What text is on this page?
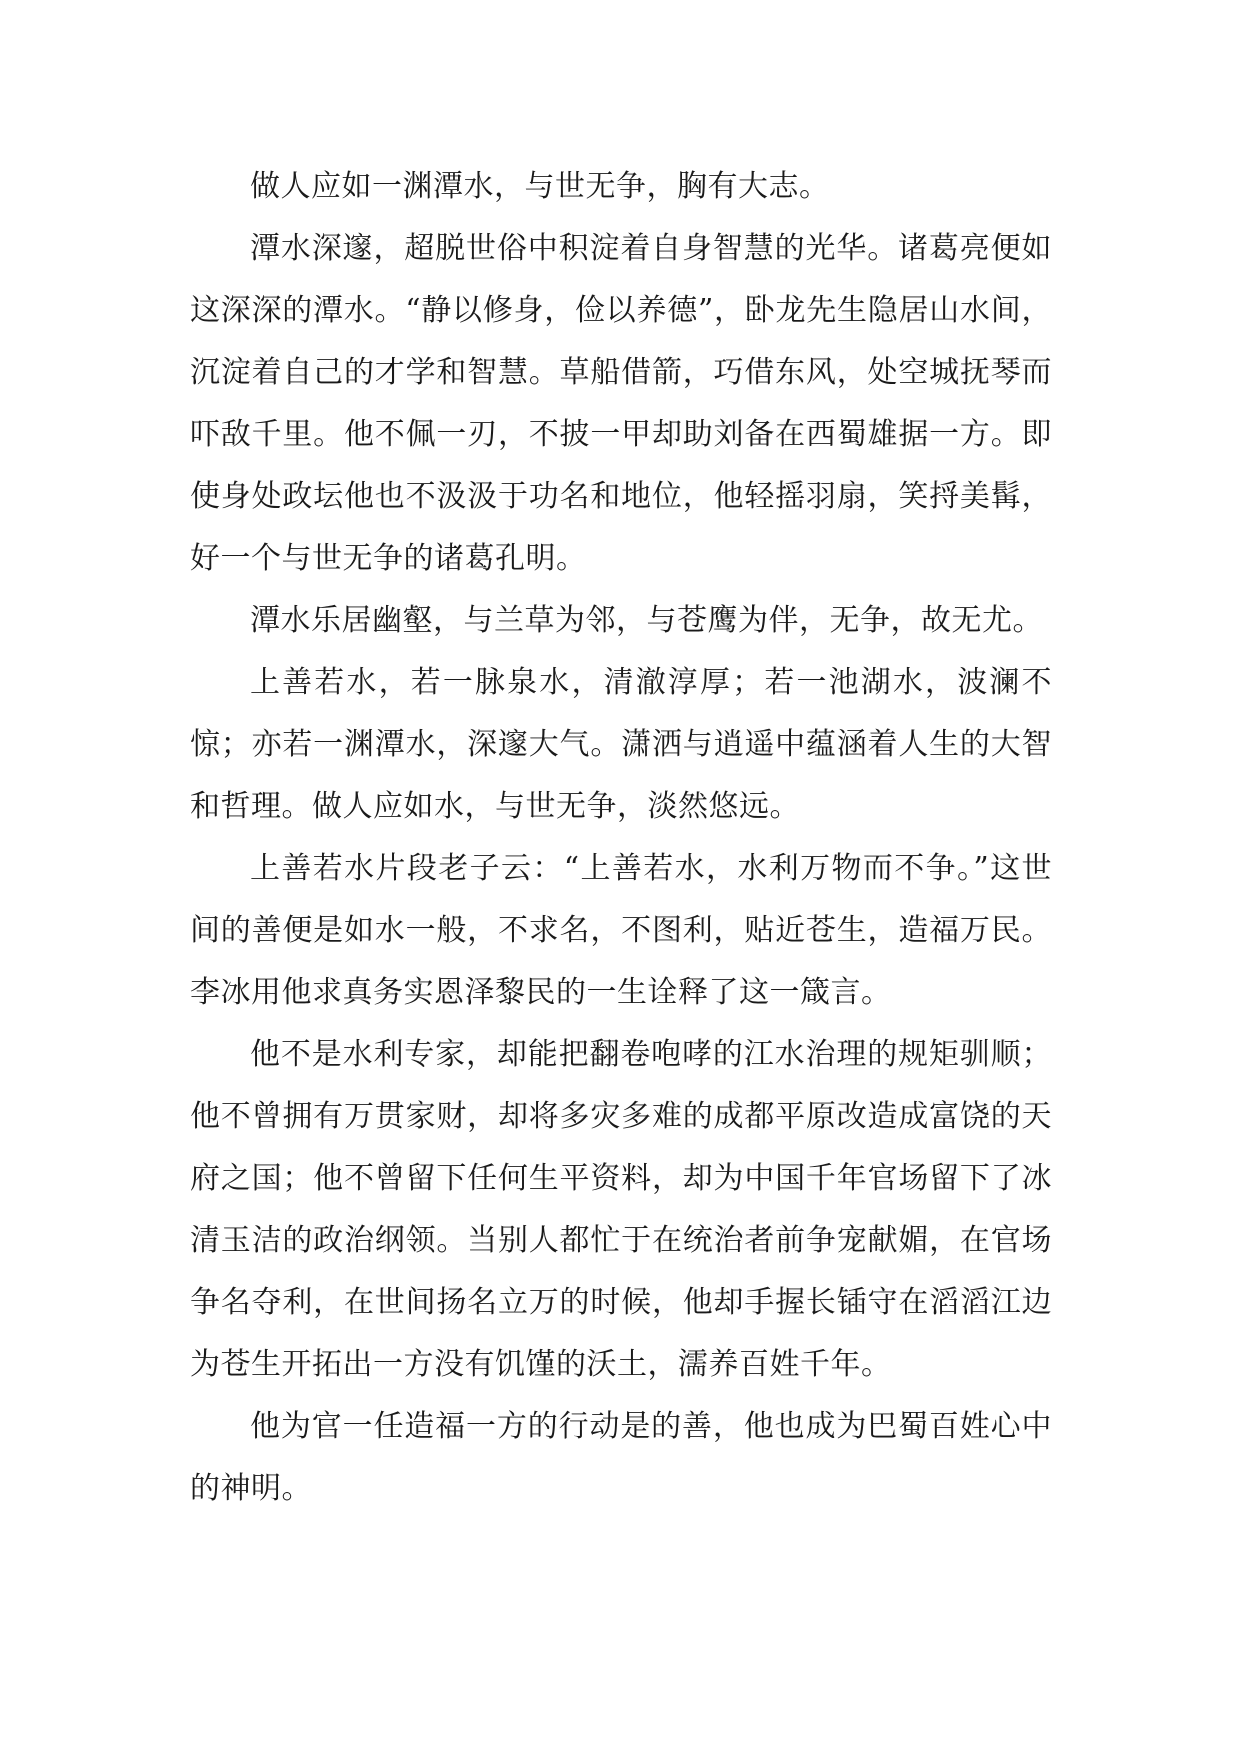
做人应如一渊潭水，与世无争，胸有大志。

潭水深邃，超脱世俗中积淀着自身智慧的光华。诸葛亮便如这深深的潭水。“静以修身，俭以养德”，卧龙先生隐居山水间，沉淀着自己的才学和智慧。草船借箭，巧借东风，处空城抚琴而吓敌千里。他不佩一刃，不披一甲却助刘备在西蜀雄据一方。即使身处政坛他也不汲汲于功名和地位，他轻摇羽扇，笑捋美髯，好一个与世无争的诸葛孔明。

潭水乐居幽壑，与兰草为邻，与苍鹰为伴，无争，故无尤。

上善若水，若一脉泉水，清澈淳厚；若一池湖水，波澜不惊；亦若一渊潭水，深邃大气。潇洒与逍遥中蕴涵着人生的大智和哲理。做人应如水，与世无争，淡然悠远。

上善若水片段老子云：“上善若水，水利万物而不争。”这世间的善便是如水一般，不求名，不图利，贴近苍生，造福万民。李冰用他求真务实恩泽黎民的一生诠释了这一箴言。

他不是水利专家，却能把翻卷咆哮的江水治理的规矩驯顺；他不曾拥有万贯家财，却将多灾多难的成都平原改造成富饶的天府之国；他不曾留下任何生平资料，却为中国千年官场留下了冰清玉洁的政治纲领。当别人都忙于在统治者前争宠献媚，在官场争名夺利，在世间扬名立万的时候，他却手握长锸守在滔滔江边为苍生开拓出一方没有饥馑的沃土，濡养百姓千年。

他为官一任造福一方的行动是的善，他也成为巴蜀百姓心中的神明。
